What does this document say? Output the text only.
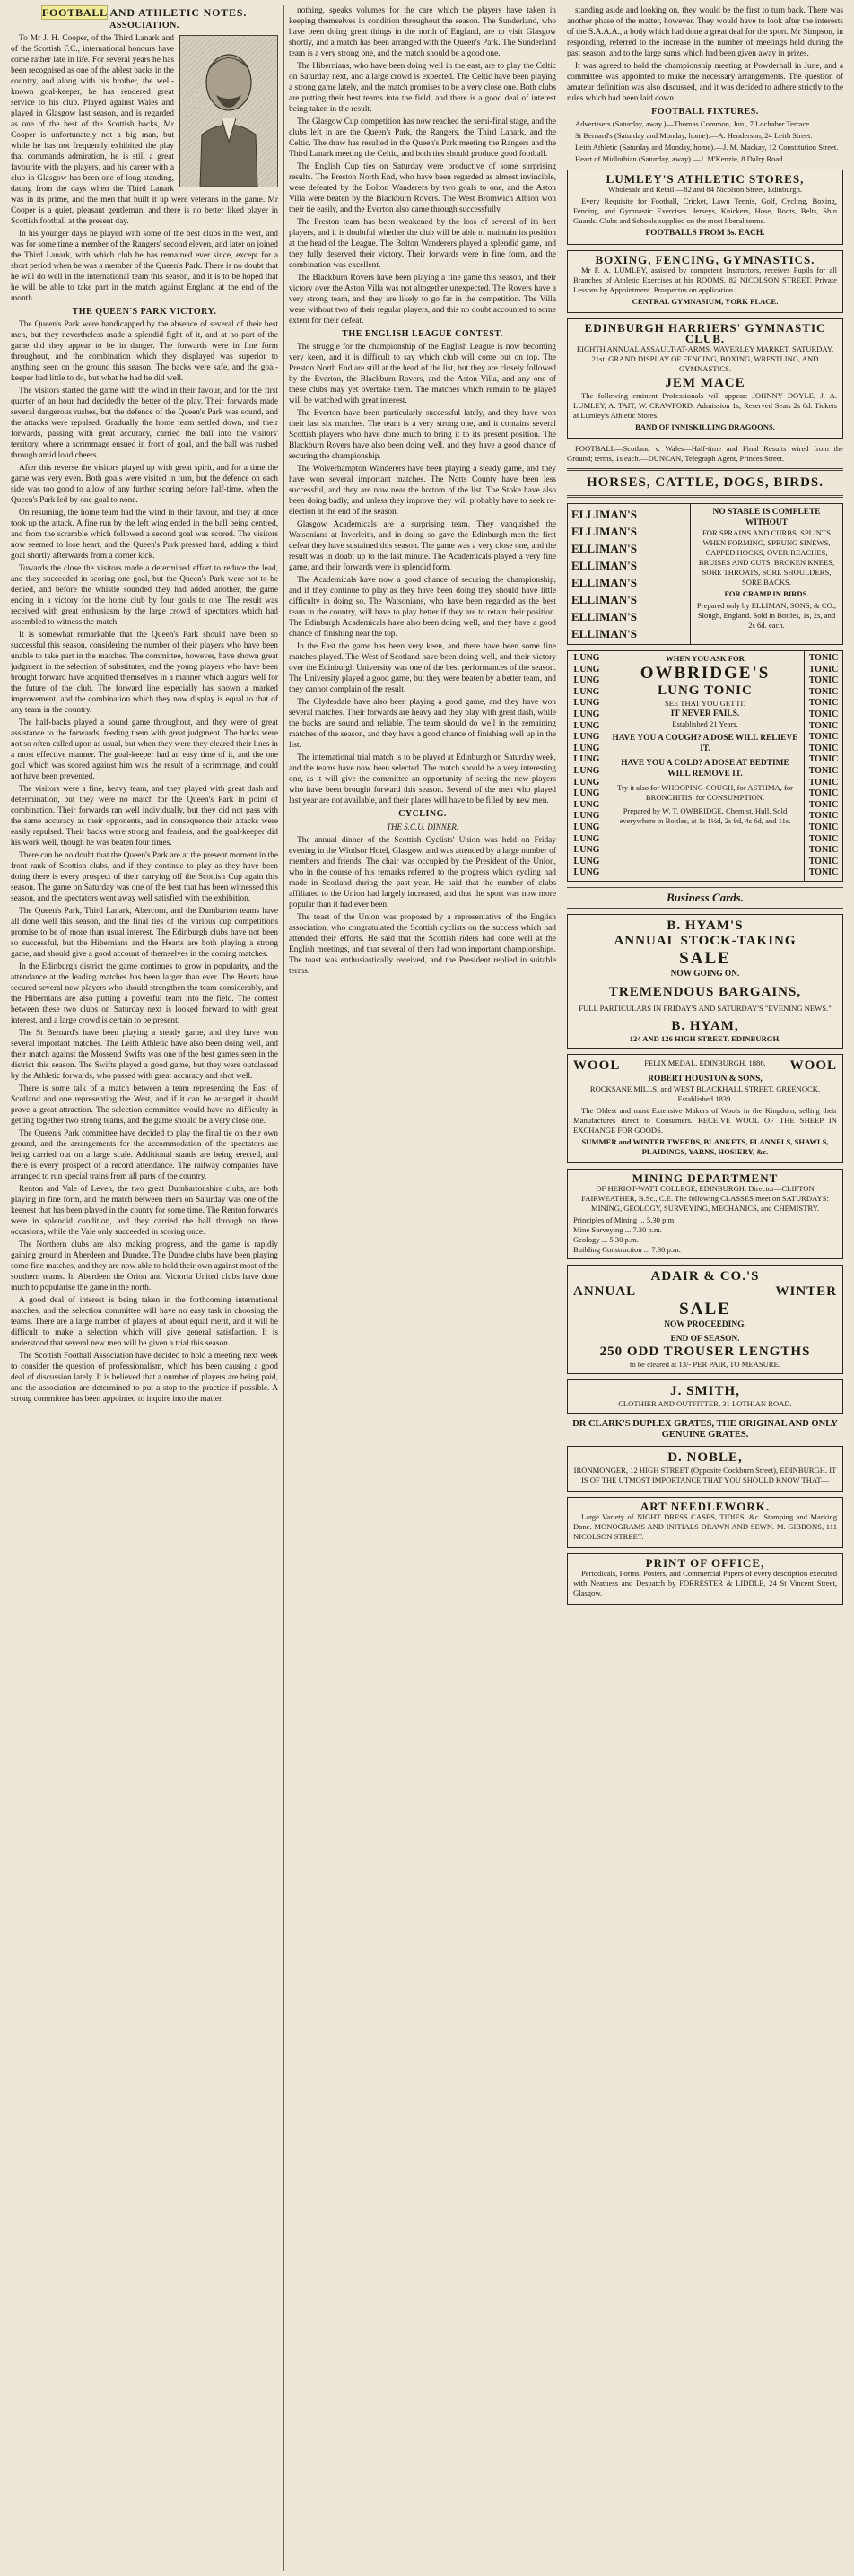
FOOTBALL AND ATHLETIC NOTES.
ASSOCIATION.

To Mr J. H. Cooper, of the Third Lanark and of the Scottish F.C., international honours have come rather late in life. For several years he has been recognised as one of the ablest backs in the country, and along with his brother, the well-known goal-keeper, he has rendered great service to his club. Played against Wales and played in Glasgow last season, and is regarded as one of the best of the Scottish backs, Mr Cooper is unfortunately not a big man, but while he has not frequently exhibited the play that commands admiration, he is still a great favourite with the players, and his career with a club in Glasgow has been one of long standing, dating from the days when the Third Lanark was in its prime, and the men that built it up were veterans in the game. Mr Cooper is a quiet, pleasant gentleman, and there is no better liked player in Scottish football at the present day.

In his younger days he played with some of the best clubs in the west, and was for some time a member of the Rangers' second eleven, and later on joined the Third Lanark, with which club he has remained ever since, except for a short period when he was a member of the Queen's Park. There is no doubt that he will do well in the international team this season, and it is to be hoped that he will be able to take part in the match against England at the end of the month.

THE QUEEN'S PARK VICTORY.

The Queen's Park were handicapped by the absence of several of their best men, but they nevertheless made a splendid fight of it, and at no part of the game did they appear to be in danger. The forwards were in fine form throughout, and the combination which they displayed was superior to anything seen on the ground this season. The backs were safe, and the goal-keeper had little to do, but what he had he did well.

The visitors started the game with the wind in their favour, and for the first quarter of an hour had decidedly the better of the play. Their forwards made several dangerous rushes, but the defence of the Queen's Park was sound, and the attacks were repulsed. Gradually the home team settled down, and their forwards, passing with great accuracy, carried the ball into the visitors' territory, where a scrimmage ensued in front of goal, and the ball was rushed through amid loud cheers.

After this reverse the visitors played up with great spirit, and for a time the game was very even. Both goals were visited in turn, but the defence on each side was too good to allow of any further scoring before half-time, when the Queen's Park led by one goal to none.

On resuming, the home team had the wind in their favour, and they at once took up the attack. A fine run by the left wing ended in the ball being centred, and from the scramble which followed a second goal was scored. The visitors now seemed to lose heart, and the Queen's Park pressed hard, adding a third goal shortly afterwards from a corner kick.

Towards the close the visitors made a determined effort to reduce the lead, and they succeeded in scoring one goal, but the Queen's Park were not to be denied, and before the whistle sounded they had added another, the game ending in a victory for the home club by four goals to one. The result was received with great enthusiasm by the large crowd of spectators which had assembled to witness the match.

It is somewhat remarkable that the Queen's Park should have been so successful this season, considering the number of their players who have been unable to take part in the matches. The committee, however, have shown great judgment in the selection of substitutes, and the young players who have been brought forward have acquitted themselves in a manner which augurs well for the future of the club. The forward line especially has shown a marked improvement, and the combination which they now display is equal to that of any team in the country.

The half-backs played a sound game throughout, and they were of great assistance to the forwards, feeding them with great judgment. The backs were not so often called upon as usual, but when they were they cleared their lines in a most effective manner. The goal-keeper had an easy time of it, and the one goal which was scored against him was the result of a scrimmage, and could not have been prevented.

The visitors were a fine, heavy team, and they played with great dash and determination, but they were no match for the Queen's Park in point of combination. Their forwards ran well individually, but they did not pass with the same accuracy as their opponents, and in consequence their attacks were easily repulsed. Their backs were strong and fearless, and the goal-keeper did his work well, though he was beaten four times.

There can be no doubt that the Queen's Park are at the present moment in the front rank of Scottish clubs, and if they continue to play as they have been doing there is every prospect of their carrying off the Scottish Cup again this season. The game on Saturday was one of the best that has been witnessed this season, and the spectators went away well satisfied with the exhibition.

The Queen's Park, Third Lanark, Abercorn, and the Dumbarton teams have all done well this season, and the final ties of the various cup competitions promise to be of more than usual interest. The Edinburgh clubs have not been so successful, but the Hibernians and the Hearts are both playing a strong game, and should give a good account of themselves in the coming matches.

In the Edinburgh district the game continues to grow in popularity, and the attendance at the leading matches has been larger than ever. The Hearts have secured several new players who should strengthen the team considerably, and the Hibernians are also putting a powerful team into the field. The contest between these two clubs on Saturday next is looked forward to with great interest, and a large crowd is certain to be present.

The St Bernard's have been playing a steady game, and they have won several important matches. The Leith Athletic have also been doing well, and their match against the Mossend Swifts was one of the best games seen in the district this season. The Swifts played a good game, but they were outclassed by the Athletic forwards, who passed with great accuracy and shot well.

There is some talk of a match between a team representing the East of Scotland and one representing the West, and if it can be arranged it should prove a great attraction. The selection committee would have no difficulty in getting together two strong teams, and the game should be a very close one.

The Queen's Park committee have decided to play the final tie on their own ground, and the arrangements for the accommodation of the spectators are being carried out on a large scale. Additional stands are being erected, and there is every prospect of a record attendance. The railway companies have arranged to run special trains from all parts of the country.

Renton and Vale of Leven, the two great Dumbartonshire clubs, are both playing in fine form, and the match between them on Saturday was one of the keenest that has been played in the county for some time. The Renton forwards were in splendid condition, and they carried the ball through on three occasions, while the Vale only succeeded in scoring once.

The Northern clubs are also making progress, and the game is rapidly gaining ground in Aberdeen and Dundee. The Dundee clubs have been playing some fine matches, and they are now able to hold their own against most of the southern teams. In Aberdeen the Orion and Victoria United clubs have done much to popularise the game in the north.

A good deal of interest is being taken in the forthcoming international matches, and the selection committee will have no easy task in choosing the teams. There are a large number of players of about equal merit, and it will be difficult to make a selection which will give general satisfaction. It is understood that several new men will be given a trial this season.

The Scottish Football Association have decided to hold a meeting next week to consider the question of professionalism, which has been causing a good deal of discussion lately. It is believed that a number of players are being paid, and the association are determined to put a stop to the practice if possible. A strong committee has been appointed to inquire into the matter.

nothing, speaks volumes for the care which the players have taken in keeping themselves in condition throughout the season. The Sunderland, who have been doing great things in the north of England, are to visit Glasgow shortly, and a match has been arranged with the Queen's Park. The Sunderland team is a very strong one, and the match should be a good one.

The Hibernians, who have been doing well in the east, are to play the Celtic on Saturday next, and a large crowd is expected. The Celtic have been playing a strong game lately, and the match promises to be a very close one. Both clubs are putting their best teams into the field, and there is a good deal of interest being taken in the result.

The Glasgow Cup competition has now reached the semi-final stage, and the clubs left in are the Queen's Park, the Rangers, the Third Lanark, and the Celtic. The draw has resulted in the Queen's Park meeting the Rangers and the Third Lanark meeting the Celtic, and both ties should produce good football.

The English Cup ties on Saturday were productive of some surprising results. The Preston North End, who have been regarded as almost invincible, were defeated by the Bolton Wanderers by two goals to one, and the Aston Villa were beaten by the Blackburn Rovers. The West Bromwich Albion won their tie easily, and the Everton also came through successfully.

The Preston team has been weakened by the loss of several of its best players, and it is doubtful whether the club will be able to maintain its position at the head of the League. The Bolton Wanderers played a splendid game, and they fully deserved their victory. Their forwards were in fine form, and the combination was excellent.

The Blackburn Rovers have been playing a fine game this season, and their victory over the Aston Villa was not altogether unexpected. The Rovers have a very strong team, and they are likely to go far in the competition. The Villa were without two of their regular players, and this no doubt accounted to some extent for their defeat.

THE ENGLISH LEAGUE CONTEST.

The struggle for the championship of the English League is now becoming very keen, and it is difficult to say which club will come out on top. The Preston North End are still at the head of the list, but they are closely followed by the Everton, the Blackburn Rovers, and the Aston Villa, and any one of these clubs may yet overtake them. The matches which remain to be played will be watched with great interest.

The Everton have been particularly successful lately, and they have won their last six matches. The team is a very strong one, and it contains several Scottish players who have done much to bring it to its present position. The Blackburn Rovers have also been doing well, and they have a good chance of securing the championship.

The Wolverhampton Wanderers have been playing a steady game, and they have won several important matches. The Notts County have been less successful, and they are now near the bottom of the list. The Stoke have also been doing badly, and unless they improve they will probably have to seek re-election at the end of the season.

Glasgow Academicals are a surprising team. They vanquished the Watsonians at Inverleith, and in doing so gave the Edinburgh men the first defeat they have sustained this season. The game was a very close one, and the result was in doubt up to the last minute. The Academicals played a very fine game, and their forwards were in splendid form.

The Academicals have now a good chance of securing the championship, and if they continue to play as they have been doing they should have little difficulty in doing so. The Watsonians, who have been regarded as the best team in the country, will have to play better if they are to retain their position. The Edinburgh Academicals have also been doing well, and they have a good chance of finishing near the top.

In the East the game has been very keen, and there have been some fine matches played. The West of Scotland have been doing well, and their victory over the Edinburgh University was one of the best performances of the season. The University played a good game, but they were beaten by a better team, and they cannot complain of the result.

The Clydesdale have also been playing a good game, and they have won several matches. Their forwards are heavy and they play with great dash, while the backs are sound and reliable. The team should do well in the remaining matches of the season, and they have a good chance of finishing well up in the list.

The international trial match is to be played at Edinburgh on Saturday week, and the teams have now been selected. The match should be a very interesting one, as it will give the committee an opportunity of seeing the new players who have been brought forward this season. Several of the men who played last year are not available, and their places will have to be filled by new men.

CYCLING.
THE S.C.U. DINNER.

The annual dinner of the Scottish Cyclists' Union was held on Friday evening in the Windsor Hotel, Glasgow, and was attended by a large number of members and friends. The chair was occupied by the President of the Union, who in the course of his remarks referred to the progress which cycling had made in Scotland during the past year. He said that the number of clubs affiliated to the Union had largely increased, and that the sport was now more popular than it had ever been.

The toast of the Union was proposed by a representative of the English association, who congratulated the Scottish cyclists on the success which had attended their efforts. He said that the Scottish riders had done well at the English meetings, and that several of them had won important championships. The toast was enthusiastically received, and the President replied in suitable terms.

standing aside and looking on, they would be the first to turn back. There was another phase of the matter, however. They would have to look after the interests of the S.A.A.A., a body which had done a great deal for the sport. Mr Simpson, in responding, referred to the increase in the number of meetings held during the past season, and to the large sums which had been given away in prizes.

It was agreed to hold the championship meeting at Powderhall in June, and a committee was appointed to make the necessary arrangements. The question of amateur definition was also discussed, and it was decided to adhere strictly to the rules which had been laid down.

FOOTBALL FIXTURES.

Advertisers (Saturday, away.)—Thomas Common, Jun., 7 Lochaber Terrace.

St Bernard's (Saturday and Monday, home).—A. Henderson, 24 Leith Street.

Leith Athletic (Saturday and Monday, home).—J. M. Mackay, 12 Constitution Street.

Heart of Midlothian (Saturday, away).—J. M'Kenzie, 8 Dalry Road.

LUMLEY'S ATHLETIC STORES,

Wholesale and Retail.—82 and 84 Nicolson Street, Edinburgh.

Every Requisite for Football, Cricket, Lawn Tennis, Golf, Cycling, Boxing, Fencing, and Gymnastic Exercises. Jerseys, Knickers, Hose, Boots, Belts, Shin Guards. Clubs and Schools supplied on the most liberal terms.

FOOTBALLS FROM 5s. EACH.

BOXING, FENCING, GYMNASTICS.

Mr F. A. LUMLEY, assisted by competent Instructors, receives Pupils for all Branches of Athletic Exercises at his ROOMS, 82 NICOLSON STREET. Private Lessons by Appointment. Prospectus on application.

CENTRAL GYMNASIUM, YORK PLACE.

EDINBURGH HARRIERS' GYMNASTIC CLUB.

EIGHTH ANNUAL ASSAULT-AT-ARMS, WAVERLEY MARKET, SATURDAY, 21st. GRAND DISPLAY OF FENCING, BOXING, WRESTLING, AND GYMNASTICS.

JEM MACE

The following eminent Professionals will appear: JOHNNY DOYLE, J. A. LUMLEY, A. TAIT, W. CRAWFORD. Admission 1s; Reserved Seats 2s 6d. Tickets at Lumley's Athletic Stores.

BAND OF INNISKILLING DRAGOONS.

FOOTBALL—Scotland v. Wales—Half-time and Final Results wired from the Ground; terms, 1s each.—DUNCAN, Telegraph Agent, Princes Street.

HORSES, CATTLE, DOGS, BIRDS.
ELLIMAN'S
ELLIMAN'S
ELLIMAN'S
ELLIMAN'S
ELLIMAN'S
ELLIMAN'S
ELLIMAN'S
ELLIMAN'S
NO STABLE IS COMPLETE WITHOUT

FOR SPRAINS AND CURBS, SPLINTS WHEN FORMING, SPRUNG SINEWS, CAPPED HOCKS, OVER-REACHES, BRUISES AND CUTS, BROKEN KNEES, SORE THROATS, SORE SHOULDERS, SORE BACKS.

FOR CRAMP IN BIRDS.

Prepared only by ELLIMAN, SONS, & CO., Slough, England. Sold in Bottles, 1s, 2s, and 2s 6d. each.

LUNG
LUNG
LUNG
LUNG
LUNG
LUNG
LUNG
LUNG
LUNG
LUNG
LUNG
LUNG
LUNG
LUNG
LUNG
LUNG
LUNG
LUNG
LUNG
LUNG
WHEN YOU ASK FOR
OWBRIDGE'S
LUNG TONIC
SEE THAT YOU GET IT.
IT NEVER FAILS.
Established 21 Years.
HAVE YOU A COUGH? A DOSE WILL RELIEVE IT.
HAVE YOU A COLD? A DOSE AT BEDTIME WILL REMOVE IT.
Try it also for WHOOPING-COUGH, for ASTHMA, for BRONCHITIS, for CONSUMPTION.
Prepared by W. T. OWBRIDGE, Chemist, Hull. Sold everywhere in Bottles, at 1s 1½d, 2s 9d, 4s 6d, and 11s.
TONIC
TONIC
TONIC
TONIC
TONIC
TONIC
TONIC
TONIC
TONIC
TONIC
TONIC
TONIC
TONIC
TONIC
TONIC
TONIC
TONIC
TONIC
TONIC
TONIC
Business Cards.
B. HYAM'S
ANNUAL STOCK-TAKING
SALE
NOW GOING ON.
TREMENDOUS BARGAINS,
FULL PARTICULARS IN FRIDAY'S AND SATURDAY'S "EVENING NEWS."
B. HYAM,
124 AND 126 HIGH STREET, EDINBURGH.
WOOL	FELIX MEDAL, EDINBURGH, 1886. WOOL
ROBERT HOUSTON & SONS,

ROCKSANE MILLS, and WEST BLACKHALL STREET, GREENOCK. Established 1839.

The Oldest and most Extensive Makers of Wools in the Kingdom, selling their Manufactures direct to Consumers. RECEIVE WOOL OF THE SHEEP IN EXCHANGE FOR GOODS.

SUMMER and WINTER TWEEDS, BLANKETS, FLANNELS, SHAWLS, PLAIDINGS, YARNS, HOSIERY, &c.

MINING DEPARTMENT

OF HERIOT-WATT COLLEGE, EDINBURGH. Director—CLIFTON FAIRWEATHER, B.Sc., C.E. The following CLASSES meet on SATURDAYS: MINING, GEOLOGY, SURVEYING, MECHANICS, and CHEMISTRY.

Principles of Mining ... 5.30 p.m.
Mine Surveying ... 7.30 p.m.
Geology ... 5.30 p.m.
Building Construction ... 7.30 p.m.
ADAIR & CO.'S
ANNUAL	WINTER
SALE
NOW PROCEEDING.
END OF SEASON.
250 ODD TROUSER LENGTHS
to be cleared at 13/- PER PAIR, TO MEASURE.
J. SMITH,
CLOTHIER AND OUTFITTER, 31 LOTHIAN ROAD.
DR CLARK'S DUPLEX GRATES, THE ORIGINAL AND ONLY GENUINE GRATES.
D. NOBLE,

IRONMONGER, 12 HIGH STREET (Opposite Cockburn Street), EDINBURGH. IT IS OF THE UTMOST IMPORTANCE THAT YOU SHOULD KNOW THAT—

ART NEEDLEWORK.

Large Variety of NIGHT DRESS CASES, TIDIES, &c. Stamping and Marking Done. MONOGRAMS AND INITIALS DRAWN AND SEWN. M. GIBBONS, 111 NICOLSON STREET.

PRINT OF OFFICE,

Periodicals, Forms, Posters, and Commercial Papers of every description executed with Neatness and Despatch by FORRESTER & LIDDLE, 24 St Vincent Street, Glasgow.
